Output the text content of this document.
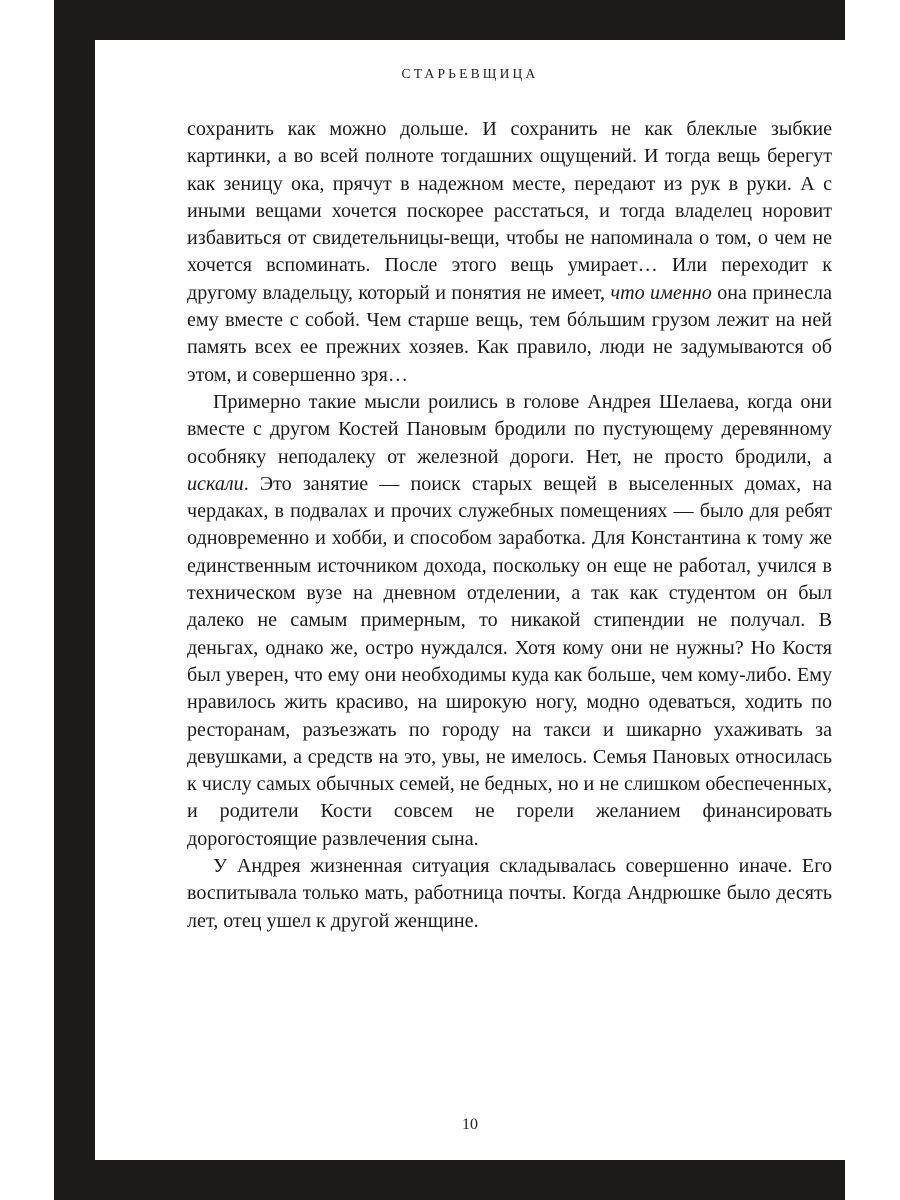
СТАРЬЕВЩИЦА

сохранить как можно дольше. И сохранить не как блеклые зыбкие картинки, а во всей полноте тогдашних ощущений. И тогда вещь берегут как зеницу ока, прячут в надежном месте, передают из рук в руки. А с иными вещами хочется поскорее расстаться, и тогда владелец норовит избавиться от свидетельницы-вещи, чтобы не напоминала о том, о чем не хочется вспоминать. После этого вещь умирает… Или переходит к другому владельцу, который и понятия не имеет, что именно она принесла ему вместе с собой. Чем старше вещь, тем бóльшим грузом лежит на ней память всех ее прежних хозяев. Как правило, люди не задумываются об этом, и совершенно зря…

Примерно такие мысли роились в голове Андрея Шелаева, когда они вместе с другом Костей Пановым бродили по пустующему деревянному особняку неподалеку от железной дороги. Нет, не просто бродили, а искали. Это занятие — поиск старых вещей в выселенных домах, на чердаках, в подвалах и прочих служебных помещениях — было для ребят одновременно и хобби, и способом заработка. Для Константина к тому же единственным источником дохода, поскольку он еще не работал, учился в техническом вузе на дневном отделении, а так как студентом он был далеко не самым примерным, то никакой стипендии не получал. В деньгах, однако же, остро нуждался. Хотя кому они не нужны? Но Костя был уверен, что ему они необходимы куда как больше, чем кому-либо. Ему нравилось жить красиво, на широкую ногу, модно одеваться, ходить по ресторанам, разъезжать по городу на такси и шикарно ухаживать за девушками, а средств на это, увы, не имелось. Семья Пановых относилась к числу самых обычных семей, не бедных, но и не слишком обеспеченных, и родители Кости совсем не горели желанием финансировать дорогостоящие развлечения сына.

У Андрея жизненная ситуация складывалась совершенно иначе. Его воспитывала только мать, работница почты. Когда Андрюшке было десять лет, отец ушел к другой женщине.

10
